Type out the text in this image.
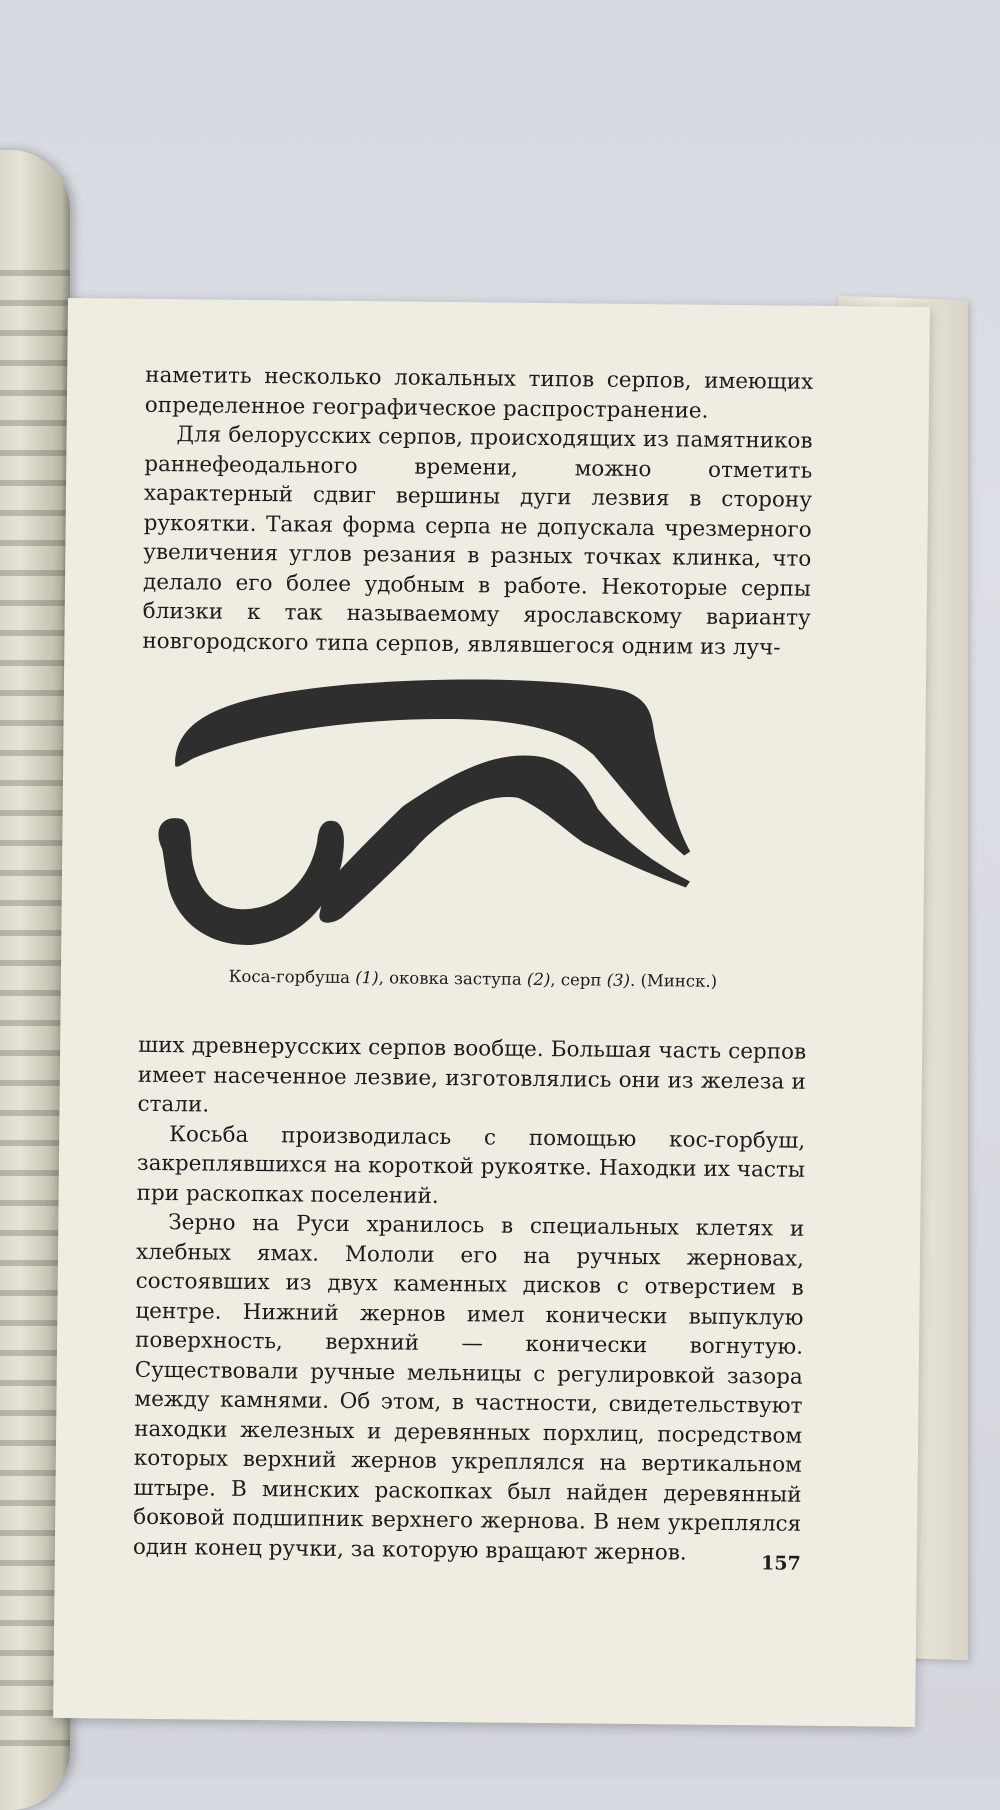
наметить несколько локальных типов серпов, имеющих определенное географическое распространение.

Для белорусских серпов, происходящих из памятников раннефеодального времени, можно отметить характерный сдвиг вершины дуги лезвия в сторону рукоятки. Такая форма серпа не допускала чрезмерного увеличения углов резания в разных точках клинка, что делало его более удобным в работе. Некоторые серпы близки к так называемому ярославскому варианту новгородского типа серпов, являвшегося одним из луч-

Коса-горбуша (1), оковка заступа (2), серп (3). (Минск.)

ших древнерусских серпов вообще. Большая часть серпов имеет насеченное лезвие, изготовлялись они из железа и стали.

Косьба производилась с помощью кос-горбуш, закреплявшихся на короткой рукоятке. Находки их часты при раскопках поселений.

Зерно на Руси хранилось в специальных клетях и хлебных ямах. Мололи его на ручных жерновах, состоявших из двух каменных дисков с отверстием в центре. Нижний жернов имел конически выпуклую поверхность, верхний — конически вогнутую. Существовали ручные мельницы с регулировкой зазора между камнями. Об этом, в частности, свидетельствуют находки железных и деревянных порхлиц, посредством которых верхний жернов укреплялся на вертикальном штыре. В минских раскопках был найден деревянный боковой подшипник верхнего жернова. В нем укреплялся один конец ручки, за которую вращают жернов.	157
